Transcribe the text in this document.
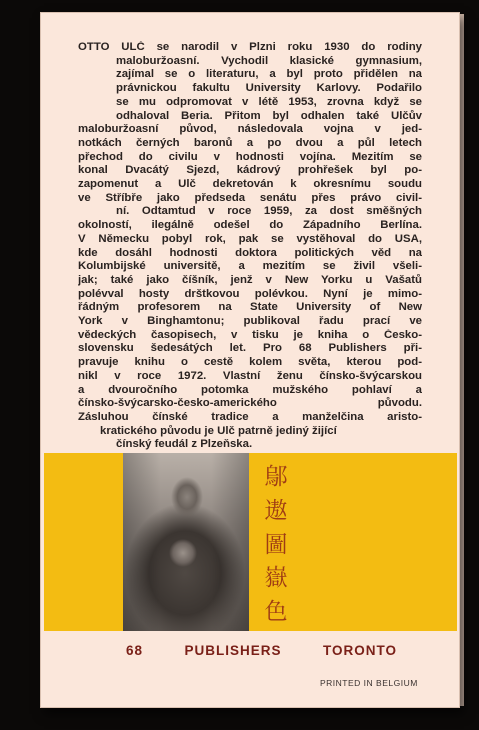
OTTO ULČ se narodil v Plzni roku 1930 do rodiny
maloburžoasní. Vychodil klasické gymnasium,
zajímal se o literaturu, a byl proto přidělen na
právnickou fakultu University Karlovy. Podařilo
se mu odpromovat v létě 1953, zrovna když se
odhaloval Beria. Přitom byl odhalen také Ulčův
maloburžoasní původ, následovala vojna v jed-
notkách černých baronů a po dvou a půl letech
přechod do civilu v hodnosti vojína. Mezitím se
konal Dvacátý Sjezd, kádrový prohřešek byl po-
zapomenut a Ulč dekretován k okresnímu soudu
ve Stříbře jako předseda senátu přes právo civil-
ní. Odtamtud v roce 1959, za dost směšných
okolností, ilegálně odešel do Západního Berlína.
V Německu pobyl rok, pak se vystěhoval do USA,
kde dosáhl hodnosti doktora politických věd na
Kolumbijské universitě, a mezitím se živil všeli-
jak; také jako číšník, jenž v New Yorku u Vašatů
polévval hosty drštkovou polévkou. Nyní je mimo-
řádným profesorem na State University of New
York v Binghamtonu; publikoval řadu prací ve
vědeckých časopisech, v tisku je kniha o Česko-
slovensku šedesátých let. Pro 68 Publishers při-
pravuje knihu o cestě kolem světa, kterou pod-
nikl v roce 1972. Vlastní ženu čínsko-švýcarskou
a dvouročního potomka mužského pohlaví a
čínsko-švýcarsko-česko-amerického původu.
Zásluhou čínské tradice a manželčina aristo-
kratického původu je Ulč patrně jediný žijící
čínský feudál z Plzeňska.
鄔
遨
圖
嶽
色
68	PUBLISHERS	TORONTO
PRINTED IN BELGIUM
